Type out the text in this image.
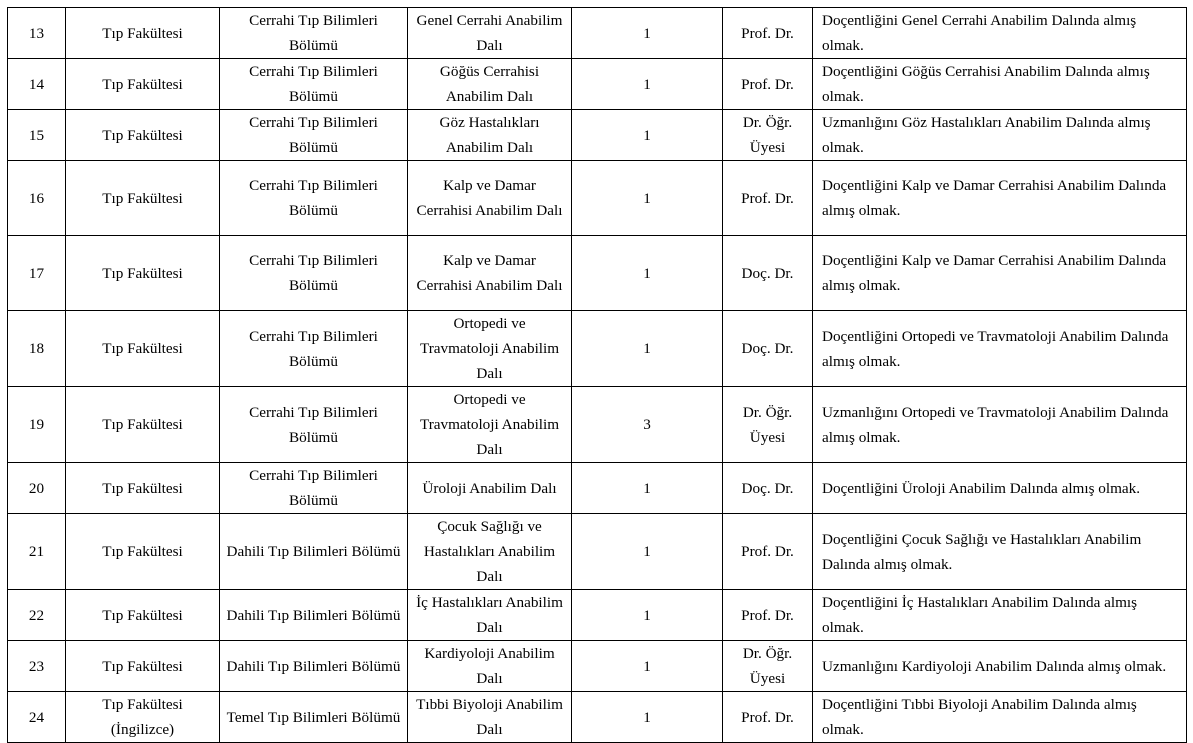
13	Tıp Fakültesi	Cerrahi Tıp Bilimleri Bölümü	Genel Cerrahi Anabilim Dalı	1	Prof. Dr.	Doçentliğini Genel Cerrahi Anabilim Dalında almış olmak.
14	Tıp Fakültesi	Cerrahi Tıp Bilimleri Bölümü	Göğüs Cerrahisi Anabilim Dalı	1	Prof. Dr.	Doçentliğini Göğüs Cerrahisi Anabilim Dalında almış olmak.
15	Tıp Fakültesi	Cerrahi Tıp Bilimleri Bölümü	Göz Hastalıkları Anabilim Dalı	1	Dr. Öğr. Üyesi	Uzmanlığını Göz Hastalıkları Anabilim Dalında almış olmak.
16	Tıp Fakültesi	Cerrahi Tıp Bilimleri Bölümü	Kalp ve Damar Cerrahisi Anabilim Dalı	1	Prof. Dr.	Doçentliğini Kalp ve Damar Cerrahisi Anabilim Dalında almış olmak.
17	Tıp Fakültesi	Cerrahi Tıp Bilimleri Bölümü	Kalp ve Damar Cerrahisi Anabilim Dalı	1	Doç. Dr.	Doçentliğini Kalp ve Damar Cerrahisi Anabilim Dalında almış olmak.
18	Tıp Fakültesi	Cerrahi Tıp Bilimleri Bölümü	Ortopedi ve Travmatoloji Anabilim Dalı	1	Doç. Dr.	Doçentliğini Ortopedi ve Travmatoloji Anabilim Dalında almış olmak.
19	Tıp Fakültesi	Cerrahi Tıp Bilimleri Bölümü	Ortopedi ve Travmatoloji Anabilim Dalı	3	Dr. Öğr. Üyesi	Uzmanlığını Ortopedi ve Travmatoloji Anabilim Dalında almış olmak.
20	Tıp Fakültesi	Cerrahi Tıp Bilimleri Bölümü	Üroloji Anabilim Dalı	1	Doç. Dr.	Doçentliğini Üroloji Anabilim Dalında almış olmak.
21	Tıp Fakültesi	Dahili Tıp Bilimleri Bölümü	Çocuk Sağlığı ve Hastalıkları Anabilim Dalı	1	Prof. Dr.	Doçentliğini Çocuk Sağlığı ve Hastalıkları Anabilim Dalında almış olmak.
22	Tıp Fakültesi	Dahili Tıp Bilimleri Bölümü	İç Hastalıkları Anabilim Dalı	1	Prof. Dr.	Doçentliğini İç Hastalıkları Anabilim Dalında almış olmak.
23	Tıp Fakültesi	Dahili Tıp Bilimleri Bölümü	Kardiyoloji Anabilim Dalı	1	Dr. Öğr. Üyesi	Uzmanlığını Kardiyoloji Anabilim Dalında almış olmak.
24	Tıp Fakültesi (İngilizce)	Temel Tıp Bilimleri Bölümü	Tıbbi Biyoloji Anabilim Dalı	1	Prof. Dr.	Doçentliğini Tıbbi Biyoloji Anabilim Dalında almış olmak.
